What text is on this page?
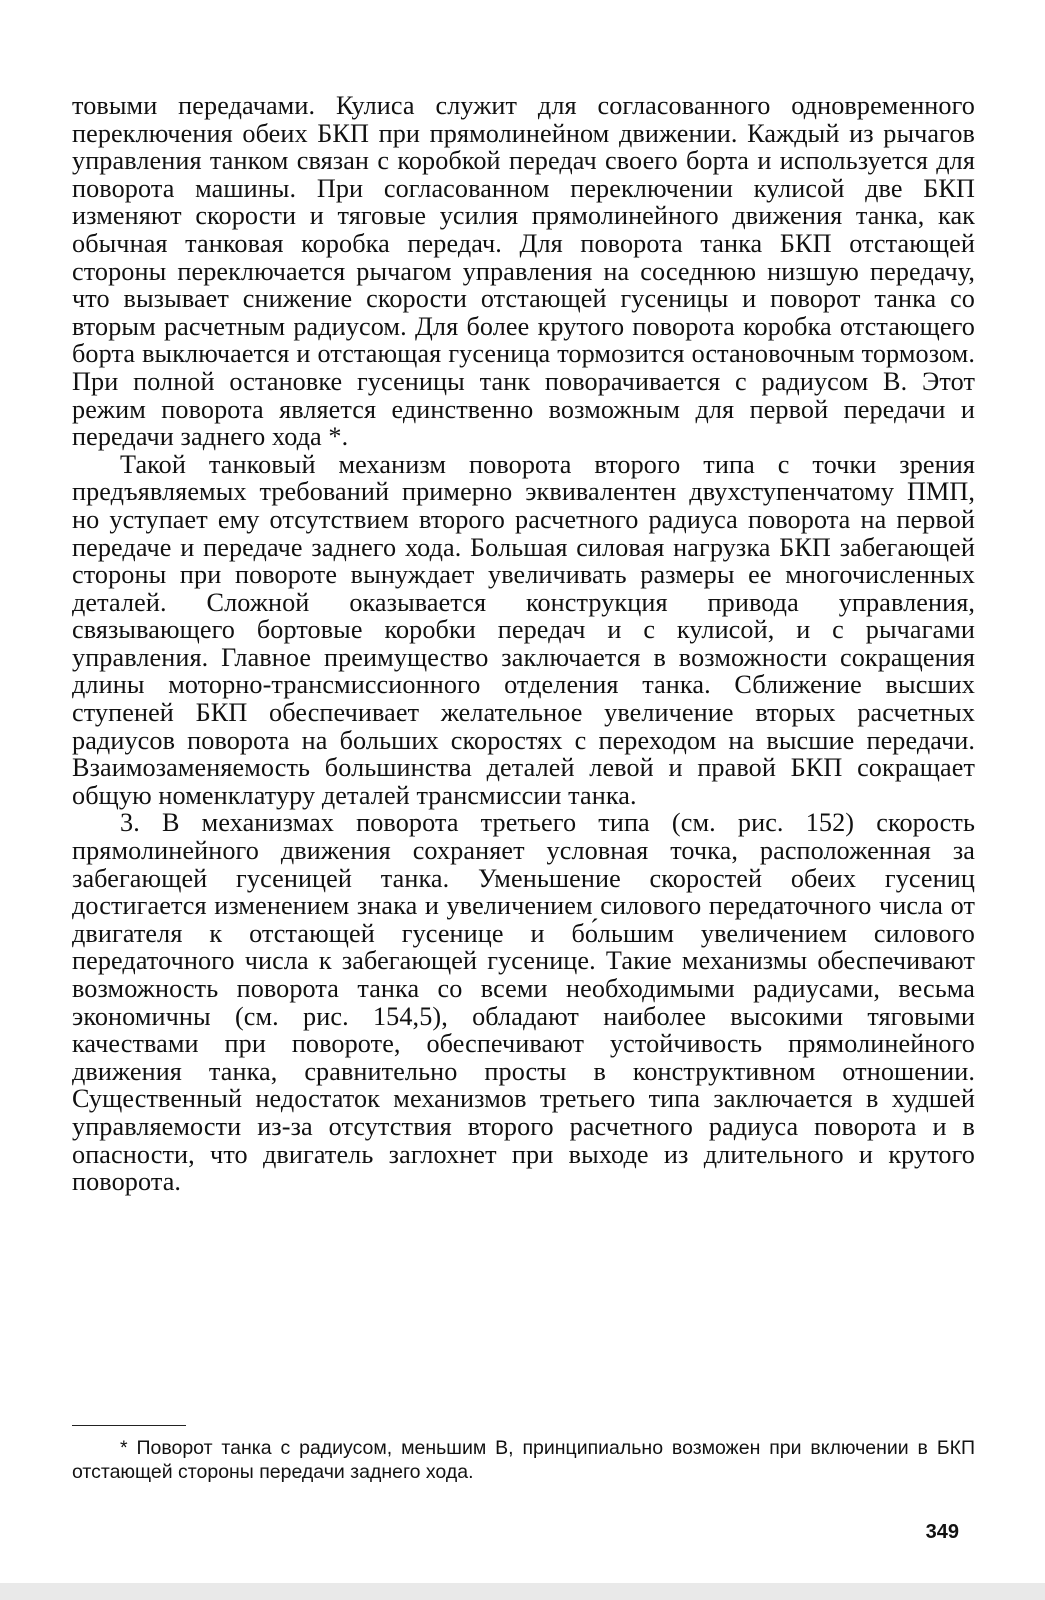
товыми передачами. Кулиса служит для согласованного одновременного переключения обеих БКП при прямолинейном движении. Каждый из рычагов управления танком связан с коробкой передач своего борта и используется для поворота машины. При согласованном переключении кулисой две БКП изменяют скорости и тяговые усилия прямолинейного движения танка, как обычная танковая коробка передач. Для поворота танка БКП отстающей стороны переключается рычагом управления на соседнюю низшую передачу, что вызывает снижение скорости отстающей гусеницы и поворот танка со вторым расчетным радиусом. Для более крутого поворота коробка отстающего борта выключается и отстающая гусеница тормозится остановочным тормозом. При полной остановке гусеницы танк поворачивается с радиусом В. Этот режим поворота является единственно возможным для первой передачи и передачи заднего хода *.

Такой танковый механизм поворота второго типа с точки зрения предъявляемых требований примерно эквивалентен двухступенчатому ПМП, но уступает ему отсутствием второго расчетного радиуса поворота на первой передаче и передаче заднего хода. Большая силовая нагрузка БКП забегающей стороны при повороте вынуждает увеличивать размеры ее многочисленных деталей. Сложной оказывается конструкция привода управления, связывающего бортовые коробки передач и с кулисой, и с рычагами управления. Главное преимущество заключается в возможности сокращения длины моторно-трансмиссионного отделения танка. Сближение высших ступеней БКП обеспечивает желательное увеличение вторых расчетных радиусов поворота на больших скоростях с переходом на высшие передачи. Взаимозаменяемость большинства деталей левой и правой БКП сокращает общую номенклатуру деталей трансмиссии танка.

3. В механизмах поворота третьего типа (см. рис. 152) скорость прямолинейного движения сохраняет условная точка, расположенная за забегающей гусеницей танка. Уменьшение скоростей обеих гусениц достигается изменением знака и увеличением силового передаточного числа от двигателя к отстающей гусенице и бо́льшим увеличением силового передаточного числа к забегающей гусенице. Такие механизмы обеспечивают возможность поворота танка со всеми необходимыми радиусами, весьма экономичны (см. рис. 154,5), обладают наиболее высокими тяговыми качествами при повороте, обеспечивают устойчивость прямолинейного движения танка, сравнительно просты в конструктивном отношении. Существенный недостаток механизмов третьего типа заключается в худшей управляемости из-за отсутствия второго расчетного радиуса поворота и в опасности, что двигатель заглохнет при выходе из длительного и крутого поворота.

* Поворот танка с радиусом, меньшим В, принципиально возможен при включении в БКП отстающей стороны передачи заднего хода.

349
